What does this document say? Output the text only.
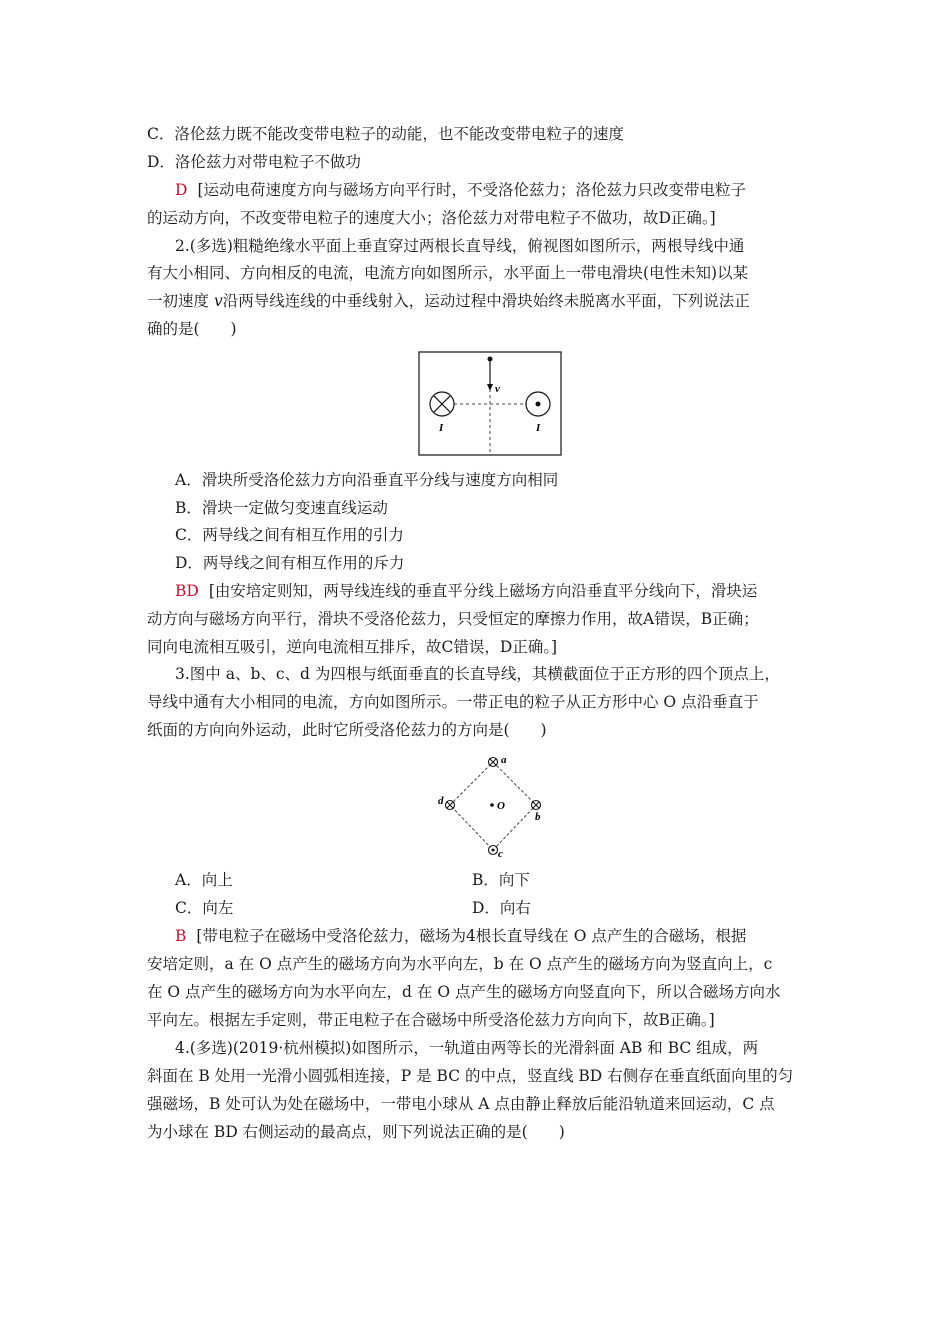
C．洛伦兹力既不能改变带电粒子的动能，也不能改变带电粒子的速度
D．洛伦兹力对带电粒子不做功
D [运动电荷速度方向与磁场方向平行时，不受洛伦兹力；洛伦兹力只改变带电粒子
的运动方向，不改变带电粒子的速度大小；洛伦兹力对带电粒子不做功，故D正确。]
2.(多选)粗糙绝缘水平面上垂直穿过两根长直导线，俯视图如图所示，两根导线中通
有大小相同、方向相反的电流，电流方向如图所示，水平面上一带电滑块(电性未知)以某
一初速度 v沿两导线连线的中垂线射入，运动过程中滑块始终未脱离水平面，下列说法正
确的是(　　)
v
I	I
A．滑块所受洛伦兹力方向沿垂直平分线与速度方向相同
B．滑块一定做匀变速直线运动
C．两导线之间有相互作用的引力
D．两导线之间有相互作用的斥力
BD [由安培定则知，两导线连线的垂直平分线上磁场方向沿垂直平分线向下，滑块运
动方向与磁场方向平行，滑块不受洛伦兹力，只受恒定的摩擦力作用，故A错误，B正确；
同向电流相互吸引，逆向电流相互排斥，故C错误，D正确。]
3.图中 a、b、c、d 为四根与纸面垂直的长直导线，其横截面位于正方形的四个顶点上，
导线中通有大小相同的电流，方向如图所示。一带正电的粒子从正方形中心 O 点沿垂直于
纸面的方向向外运动，此时它所受洛伦兹力的方向是(　　)
O
a
b
c
d
A．向上	B．向下
C．向左	D．向右
B [带电粒子在磁场中受洛伦兹力，磁场为4根长直导线在 O 点产生的合磁场，根据
安培定则，a 在 O 点产生的磁场方向为水平向左，b 在 O 点产生的磁场方向为竖直向上，c
在 O 点产生的磁场方向为水平向左，d 在 O 点产生的磁场方向竖直向下，所以合磁场方向水
平向左。根据左手定则，带正电粒子在合磁场中所受洛伦兹力方向向下，故B正确。]
4.(多选)(2019·杭州模拟)如图所示，一轨道由两等长的光滑斜面 AB 和 BC 组成，两
斜面在 B 处用一光滑小圆弧相连接，P 是 BC 的中点，竖直线 BD 右侧存在垂直纸面向里的匀
强磁场，B 处可认为处在磁场中，一带电小球从 A 点由静止释放后能沿轨道来回运动，C 点
为小球在 BD 右侧运动的最高点，则下列说法正确的是(　　)
